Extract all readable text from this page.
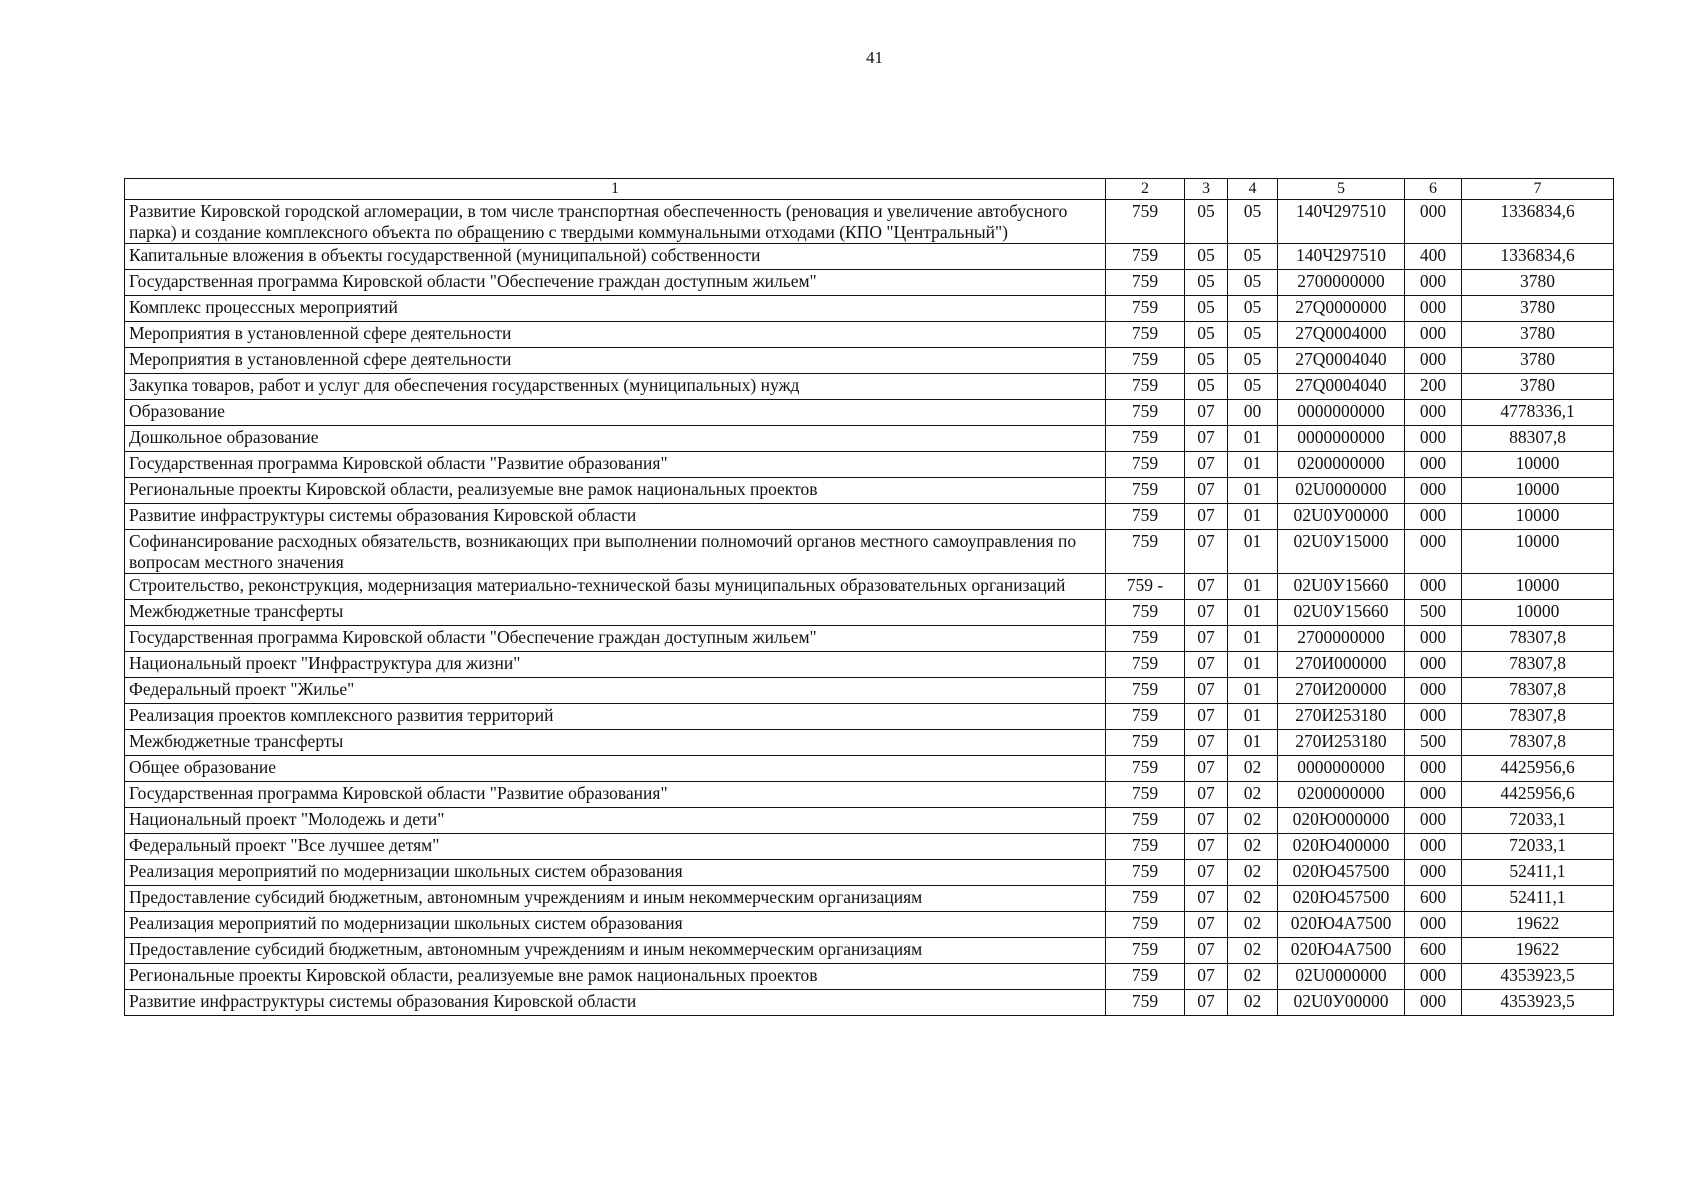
41
1	2	3	4	5	6	7
Развитие Кировской городской агломерации, в том числе транспортная обеспеченность (реновация и увеличение автобусного парка) и создание комплексного объекта по обращению с твердыми коммунальными отходами (КПО "Центральный")	759	05	05	140Ч297510	000	1336834,6
Капитальные вложения в объекты государственной (муниципальной) собственности	759	05	05	140Ч297510	400	1336834,6
Государственная программа Кировской области "Обеспечение граждан доступным жильем"	759	05	05	2700000000	000	3780
Комплекс процессных мероприятий	759	05	05	27Q0000000	000	3780
Мероприятия в установленной сфере деятельности	759	05	05	27Q0004000	000	3780
Мероприятия в установленной сфере деятельности	759	05	05	27Q0004040	000	3780
Закупка товаров, работ и услуг для обеспечения государственных (муниципальных) нужд	759	05	05	27Q0004040	200	3780
Образование	759	07	00	0000000000	000	4778336,1
Дошкольное образование	759	07	01	0000000000	000	88307,8
Государственная программа Кировской области "Развитие образования"	759	07	01	0200000000	000	10000
Региональные проекты Кировской области, реализуемые вне рамок национальных проектов	759	07	01	02U0000000	000	10000
Развитие инфраструктуры системы образования Кировской области	759	07	01	02U0У00000	000	10000
Софинансирование расходных обязательств, возникающих при выполнении полномочий органов местного самоуправления по вопросам местного значения	759	07	01	02U0У15000	000	10000
Строительство, реконструкция, модернизация материально-технической базы муниципальных образовательных организаций	759 -	07	01	02U0У15660	000	10000
Межбюджетные трансферты	759	07	01	02U0У15660	500	10000
Государственная программа Кировской области "Обеспечение граждан доступным жильем"	759	07	01	2700000000	000	78307,8
Национальный проект "Инфраструктура для жизни"	759	07	01	270И000000	000	78307,8
Федеральный проект "Жилье"	759	07	01	270И200000	000	78307,8
Реализация проектов комплексного развития территорий	759	07	01	270И253180	000	78307,8
Межбюджетные трансферты	759	07	01	270И253180	500	78307,8
Общее образование	759	07	02	0000000000	000	4425956,6
Государственная программа Кировской области "Развитие образования"	759	07	02	0200000000	000	4425956,6
Национальный проект "Молодежь и дети"	759	07	02	020Ю000000	000	72033,1
Федеральный проект "Все лучшее детям"	759	07	02	020Ю400000	000	72033,1
Реализация мероприятий по модернизации школьных систем образования	759	07	02	020Ю457500	000	52411,1
Предоставление субсидий бюджетным, автономным учреждениям и иным некоммерческим организациям	759	07	02	020Ю457500	600	52411,1
Реализация мероприятий по модернизации школьных систем образования	759	07	02	020Ю4А7500	000	19622
Предоставление субсидий бюджетным, автономным учреждениям и иным некоммерческим организациям	759	07	02	020Ю4А7500	600	19622
Региональные проекты Кировской области, реализуемые вне рамок национальных проектов	759	07	02	02U0000000	000	4353923,5
Развитие инфраструктуры системы образования Кировской области	759	07	02	02U0У00000	000	4353923,5
